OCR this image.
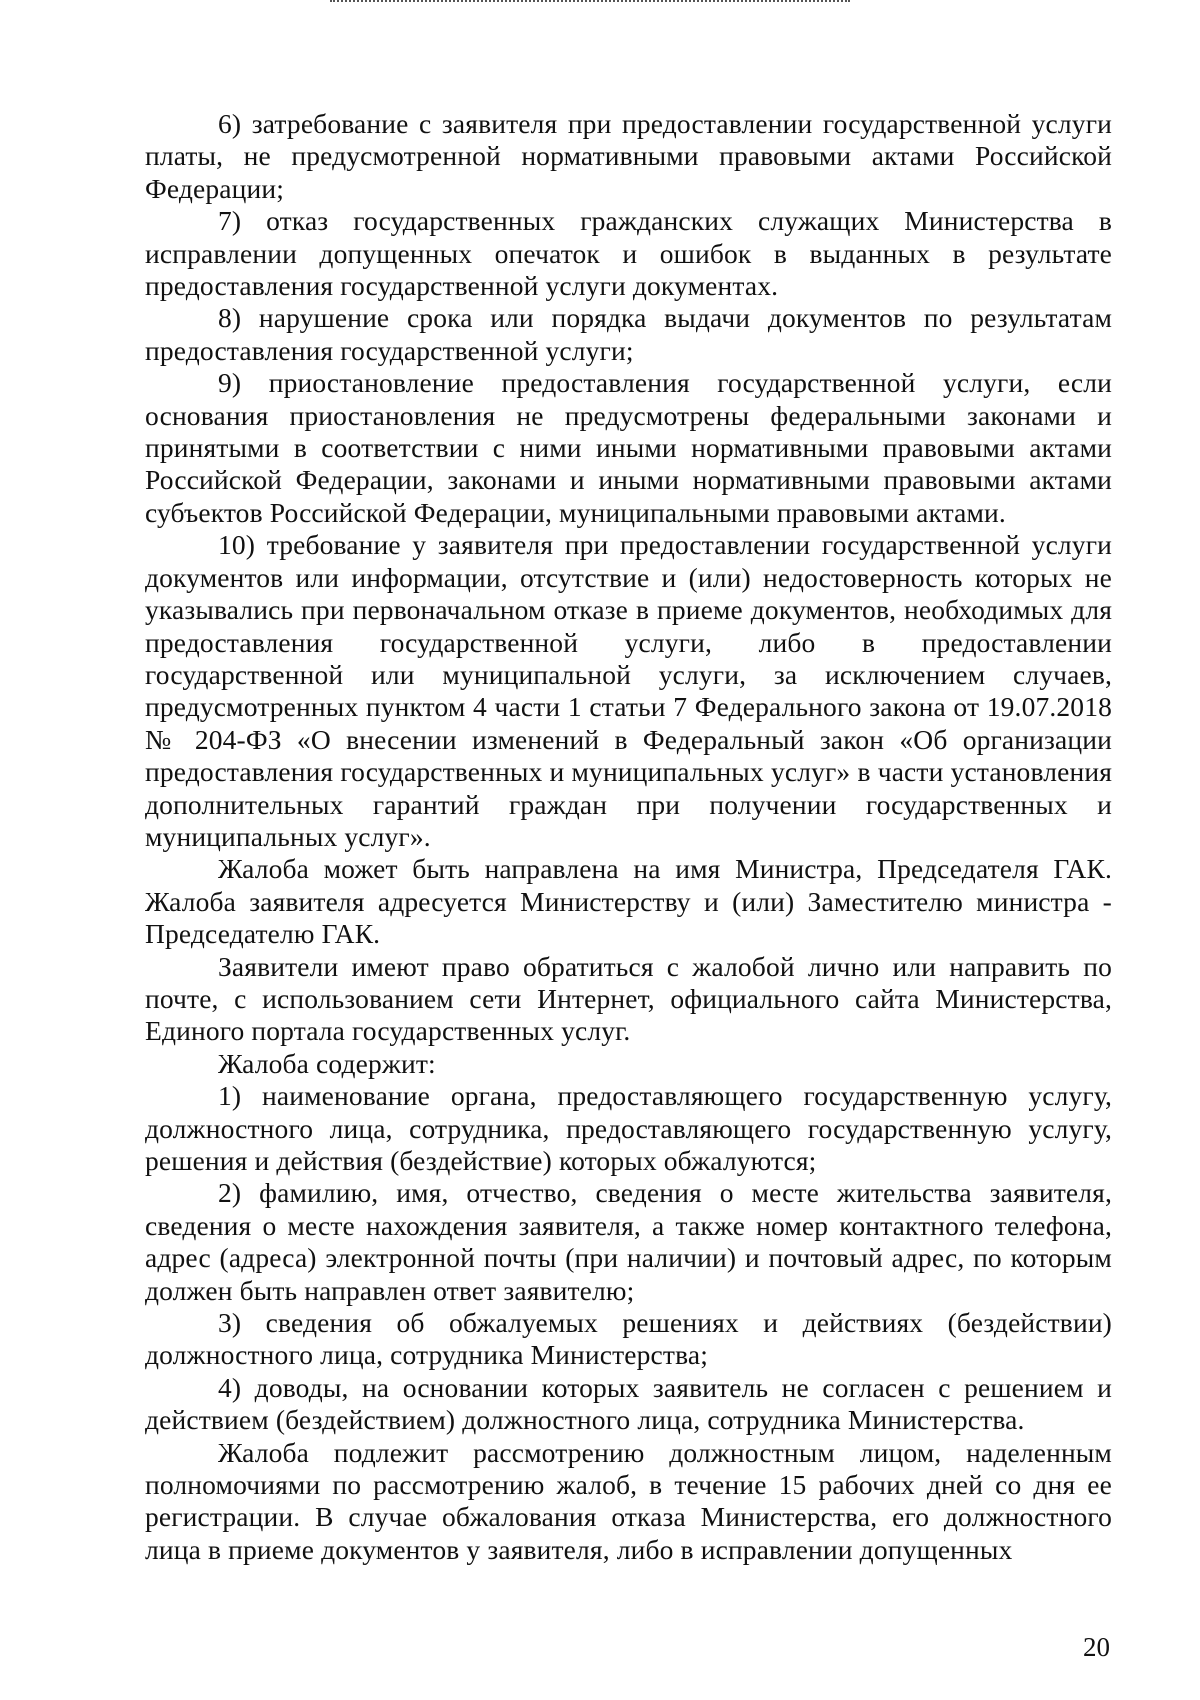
6) затребование с заявителя при предоставлении государственной услуги платы, не предусмотренной нормативными правовыми актами Российской Федерации;

7) отказ государственных гражданских служащих Министерства в исправлении допущенных опечаток и ошибок в выданных в результате предоставления государственной услуги документах.

8) нарушение срока или порядка выдачи документов по результатам предоставления государственной услуги;

9) приостановление предоставления государственной услуги, если основания приостановления не предусмотрены федеральными законами и принятыми в соответствии с ними иными нормативными правовыми актами Российской Федерации, законами и иными нормативными правовыми актами субъектов Российской Федерации, муниципальными правовыми актами.

10) требование у заявителя при предоставлении государственной услуги документов или информации, отсутствие и (или) недостоверность которых не указывались при первоначальном отказе в приеме документов, необходимых для предоставления государственной услуги, либо в предоставлении государственной или муниципальной услуги, за исключением случаев, предусмотренных пунктом 4 части 1 статьи 7 Федерального закона от 19.07.2018 № 204-ФЗ «О внесении изменений в Федеральный закон «Об организации предоставления государственных и муниципальных услуг» в части установления дополнительных гарантий граждан при получении государственных и муниципальных услуг».

Жалоба может быть направлена на имя Министра, Председателя ГАК. Жалоба заявителя адресуется Министерству и (или) Заместителю министра - Председателю ГАК.

Заявители имеют право обратиться с жалобой лично или направить по почте, с использованием сети Интернет, официального сайта Министерства, Единого портала государственных услуг.

Жалоба содержит:

1) наименование органа, предоставляющего государственную услугу, должностного лица, сотрудника, предоставляющего государственную услугу, решения и действия (бездействие) которых обжалуются;

2) фамилию, имя, отчество, сведения о месте жительства заявителя, сведения о месте нахождения заявителя, а также номер контактного телефона, адрес (адреса) электронной почты (при наличии) и почтовый адрес, по которым должен быть направлен ответ заявителю;

3) сведения об обжалуемых решениях и действиях (бездействии) должностного лица, сотрудника Министерства;

4) доводы, на основании которых заявитель не согласен с решением и действием (бездействием) должностного лица, сотрудника Министерства.

Жалоба подлежит рассмотрению должностным лицом, наделенным полномочиями по рассмотрению жалоб, в течение 15 рабочих дней со дня ее регистрации. В случае обжалования отказа Министерства, его должностного лица в приеме документов у заявителя, либо в исправлении допущенных

20
